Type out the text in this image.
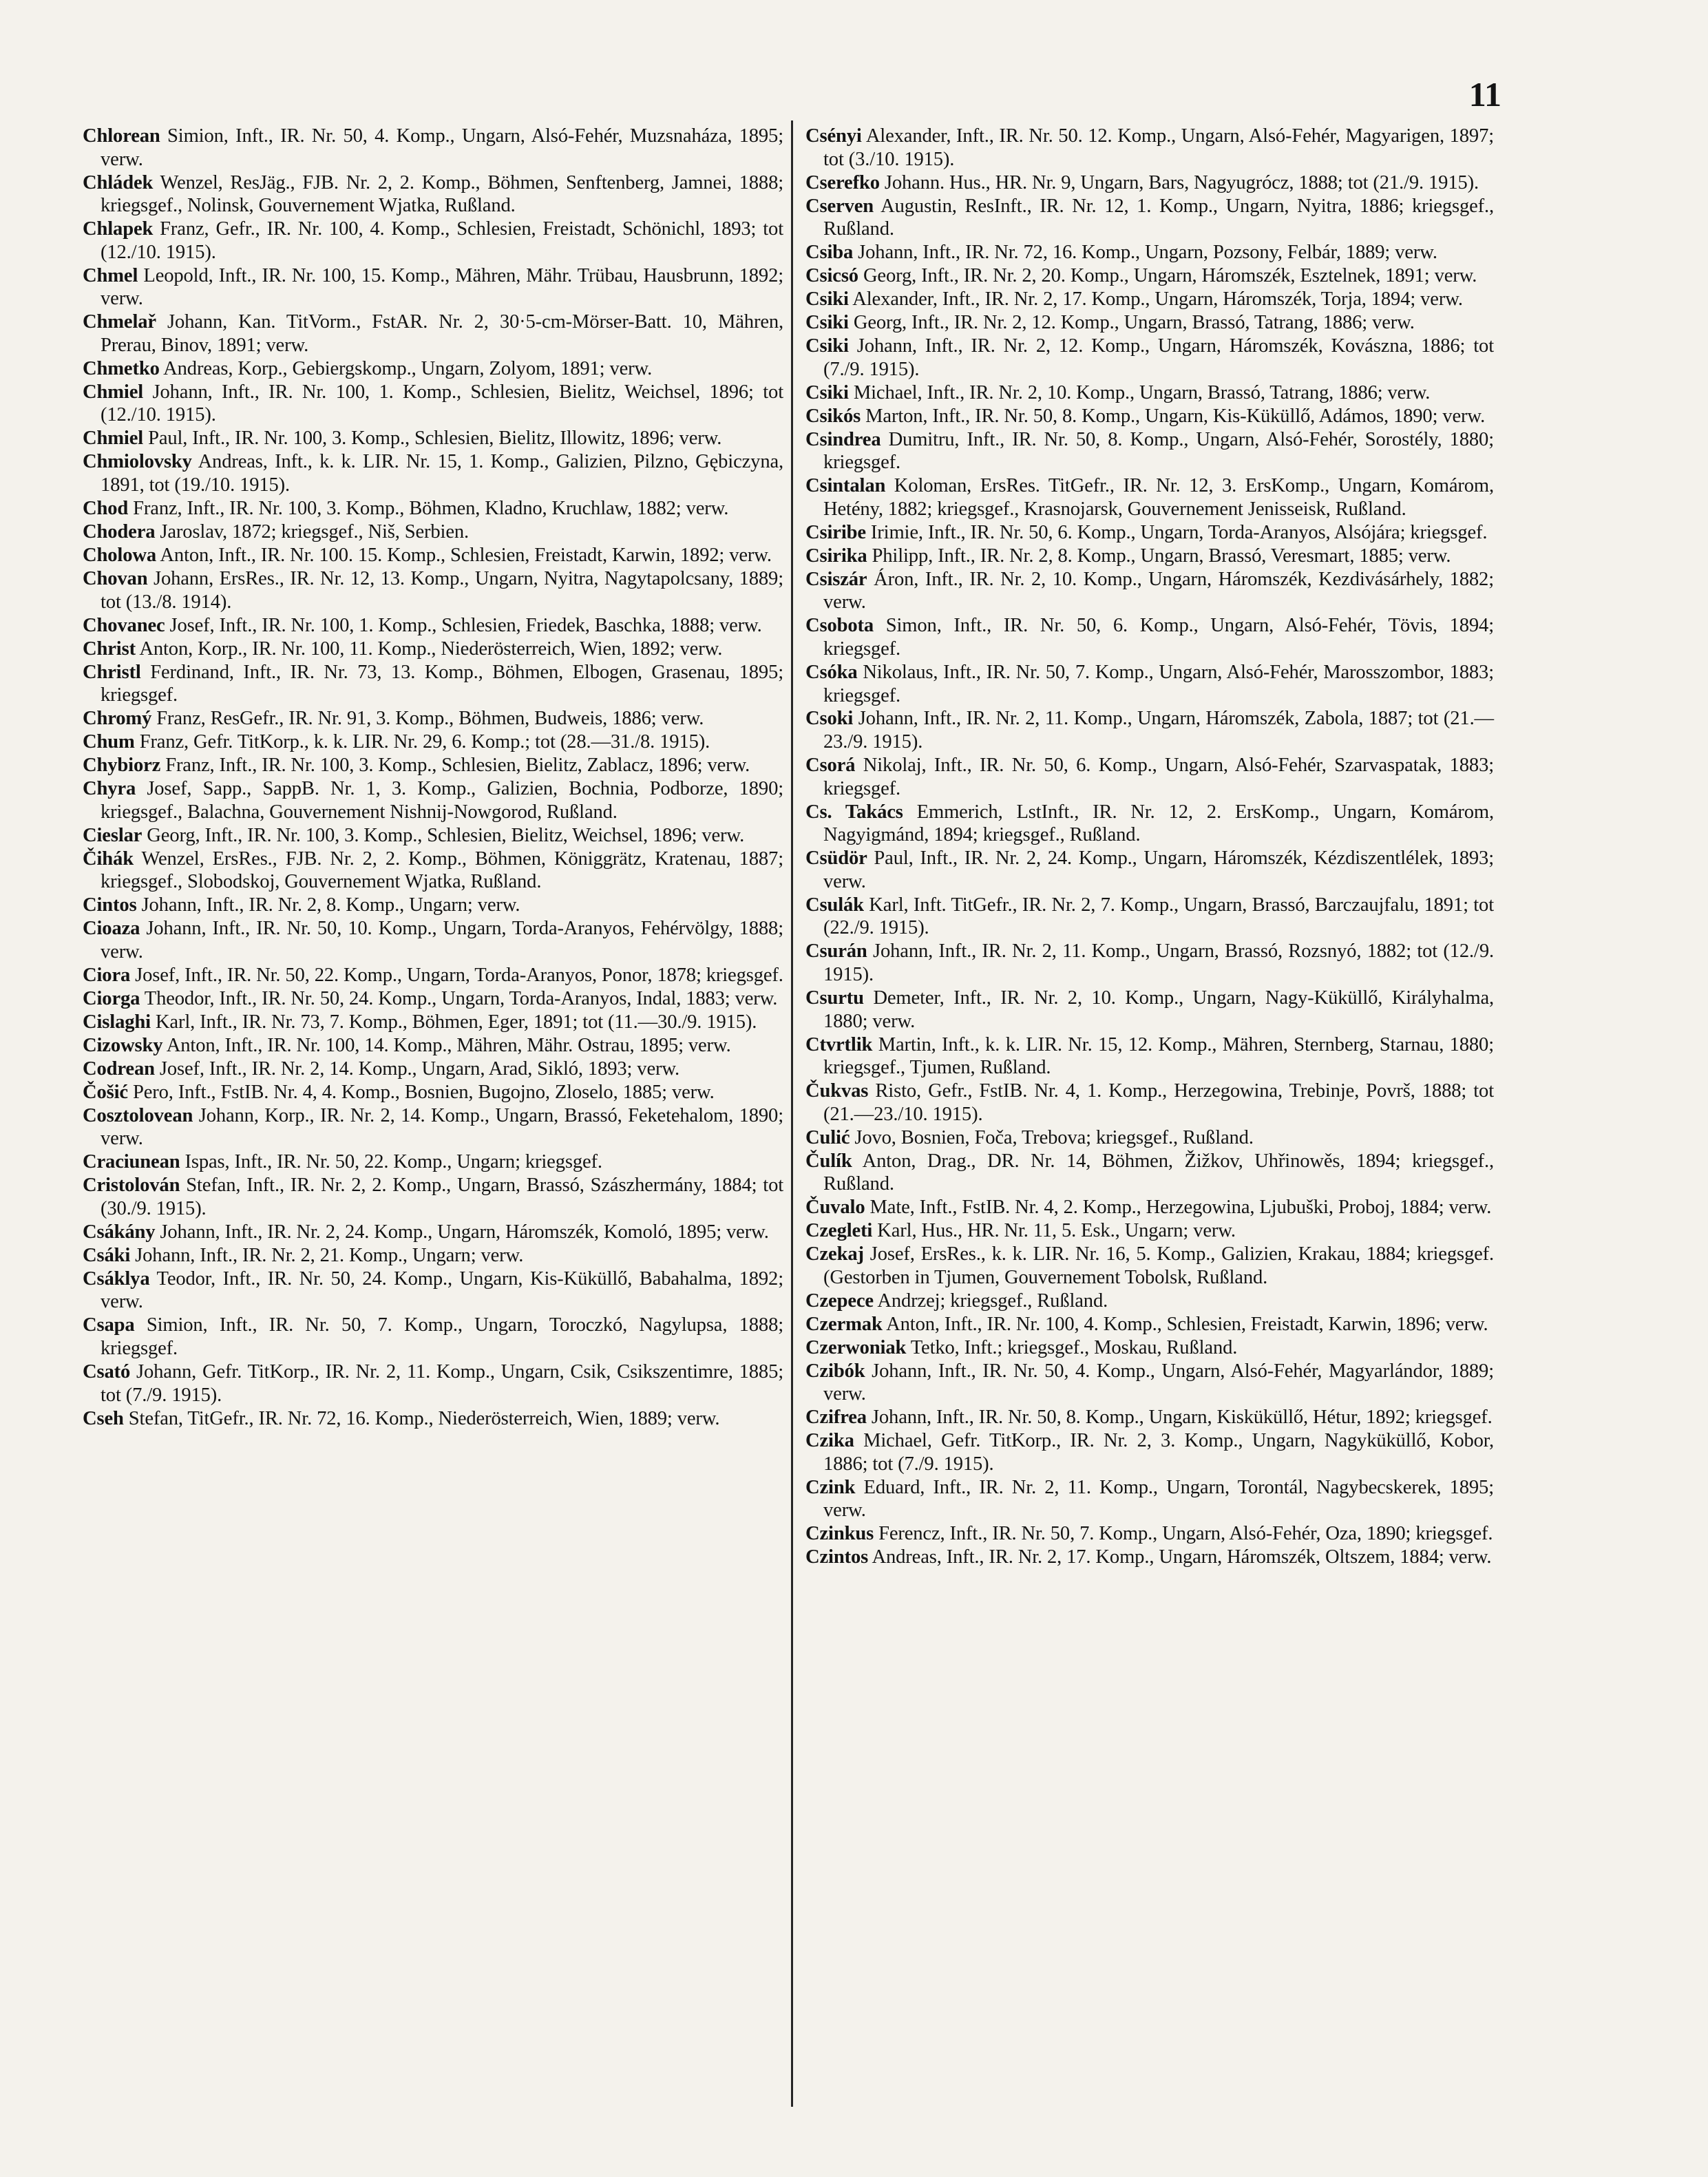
11

Chlorean Simion, Inft., IR. Nr. 50, 4. Komp., Ungarn, Alsó-Fehér, Muzsnaháza, 1895; verw.

Chládek Wenzel, ResJäg., FJB. Nr. 2, 2. Komp., Böhmen, Senftenberg, Jamnei, 1888; kriegsgef., Nolinsk, Gouvernement Wjatka, Rußland.

Chlapek Franz, Gefr., IR. Nr. 100, 4. Komp., Schlesien, Freistadt, Schönichl, 1893; tot (12./10. 1915).

Chmel Leopold, Inft., IR. Nr. 100, 15. Komp., Mähren, Mähr. Trübau, Hausbrunn, 1892; verw.

Chmelař Johann, Kan. TitVorm., FstAR. Nr. 2, 30·5-cm-Mörser-Batt. 10, Mähren, Prerau, Binov, 1891; verw.

Chmetko Andreas, Korp., Gebiergskomp., Ungarn, Zolyom, 1891; verw.

Chmiel Johann, Inft., IR. Nr. 100, 1. Komp., Schlesien, Bielitz, Weichsel, 1896; tot (12./10. 1915).

Chmiel Paul, Inft., IR. Nr. 100, 3. Komp., Schlesien, Bielitz, Illowitz, 1896; verw.

Chmiolovsky Andreas, Inft., k. k. LIR. Nr. 15, 1. Komp., Galizien, Pilzno, Gębiczyna, 1891, tot (19./10. 1915).

Chod Franz, Inft., IR. Nr. 100, 3. Komp., Böhmen, Kladno, Kruchlaw, 1882; verw.

Chodera Jaroslav, 1872; kriegsgef., Niš, Serbien.

Cholowa Anton, Inft., IR. Nr. 100. 15. Komp., Schlesien, Freistadt, Karwin, 1892; verw.

Chovan Johann, ErsRes., IR. Nr. 12, 13. Komp., Ungarn, Nyitra, Nagytapolcsany, 1889; tot (13./8. 1914).

Chovanec Josef, Inft., IR. Nr. 100, 1. Komp., Schlesien, Friedek, Baschka, 1888; verw.

Christ Anton, Korp., IR. Nr. 100, 11. Komp., Niederösterreich, Wien, 1892; verw.

Christl Ferdinand, Inft., IR. Nr. 73, 13. Komp., Böhmen, Elbogen, Grasenau, 1895; kriegsgef.

Chromý Franz, ResGefr., IR. Nr. 91, 3. Komp., Böhmen, Budweis, 1886; verw.

Chum Franz, Gefr. TitKorp., k. k. LIR. Nr. 29, 6. Komp.; tot (28.—31./8. 1915).

Chybiorz Franz, Inft., IR. Nr. 100, 3. Komp., Schlesien, Bielitz, Zablacz, 1896; verw.

Chyra Josef, Sapp., SappB. Nr. 1, 3. Komp., Galizien, Bochnia, Podborze, 1890; kriegsgef., Balachna, Gouvernement Nishnij-Nowgorod, Rußland.

Cieslar Georg, Inft., IR. Nr. 100, 3. Komp., Schlesien, Bielitz, Weichsel, 1896; verw.

Čihák Wenzel, ErsRes., FJB. Nr. 2, 2. Komp., Böhmen, Königgrätz, Kratenau, 1887; kriegsgef., Slobodskoj, Gouvernement Wjatka, Rußland.

Cintos Johann, Inft., IR. Nr. 2, 8. Komp., Ungarn; verw.

Cioaza Johann, Inft., IR. Nr. 50, 10. Komp., Ungarn, Torda-Aranyos, Fehérvölgy, 1888; verw.

Ciora Josef, Inft., IR. Nr. 50, 22. Komp., Ungarn, Torda-Aranyos, Ponor, 1878; kriegsgef.

Ciorga Theodor, Inft., IR. Nr. 50, 24. Komp., Ungarn, Torda-Aranyos, Indal, 1883; verw.

Cislaghi Karl, Inft., IR. Nr. 73, 7. Komp., Böhmen, Eger, 1891; tot (11.—30./9. 1915).

Cizowsky Anton, Inft., IR. Nr. 100, 14. Komp., Mähren, Mähr. Ostrau, 1895; verw.

Codrean Josef, Inft., IR. Nr. 2, 14. Komp., Ungarn, Arad, Sikló, 1893; verw.

Čošić Pero, Inft., FstIB. Nr. 4, 4. Komp., Bosnien, Bugojno, Zloselo, 1885; verw.

Cosztolovean Johann, Korp., IR. Nr. 2, 14. Komp., Ungarn, Brassó, Feketehalom, 1890; verw.

Craciunean Ispas, Inft., IR. Nr. 50, 22. Komp., Ungarn; kriegsgef.

Cristolován Stefan, Inft., IR. Nr. 2, 2. Komp., Ungarn, Brassó, Szászhermány, 1884; tot (30./9. 1915).

Csákány Johann, Inft., IR. Nr. 2, 24. Komp., Ungarn, Háromszék, Komoló, 1895; verw.

Csáki Johann, Inft., IR. Nr. 2, 21. Komp., Ungarn; verw.

Csáklya Teodor, Inft., IR. Nr. 50, 24. Komp., Ungarn, Kis-Küküllő, Babahalma, 1892; verw.

Csapa Simion, Inft., IR. Nr. 50, 7. Komp., Ungarn, Toroczkó, Nagylupsa, 1888; kriegsgef.

Csató Johann, Gefr. TitKorp., IR. Nr. 2, 11. Komp., Ungarn, Csik, Csikszentimre, 1885; tot (7./9. 1915).

Cseh Stefan, TitGefr., IR. Nr. 72, 16. Komp., Niederösterreich, Wien, 1889; verw.

Csényi Alexander, Inft., IR. Nr. 50. 12. Komp., Ungarn, Alsó-Fehér, Magyarigen, 1897; tot (3./10. 1915).

Cserefko Johann. Hus., HR. Nr. 9, Ungarn, Bars, Nagyugrócz, 1888; tot (21./9. 1915).

Cserven Augustin, ResInft., IR. Nr. 12, 1. Komp., Ungarn, Nyitra, 1886; kriegsgef., Rußland.

Csiba Johann, Inft., IR. Nr. 72, 16. Komp., Ungarn, Pozsony, Felbár, 1889; verw.

Csicsó Georg, Inft., IR. Nr. 2, 20. Komp., Ungarn, Háromszék, Esztelnek, 1891; verw.

Csiki Alexander, Inft., IR. Nr. 2, 17. Komp., Ungarn, Háromszék, Torja, 1894; verw.

Csiki Georg, Inft., IR. Nr. 2, 12. Komp., Ungarn, Brassó, Tatrang, 1886; verw.

Csiki Johann, Inft., IR. Nr. 2, 12. Komp., Ungarn, Háromszék, Kovászna, 1886; tot (7./9. 1915).

Csiki Michael, Inft., IR. Nr. 2, 10. Komp., Ungarn, Brassó, Tatrang, 1886; verw.

Csikós Marton, Inft., IR. Nr. 50, 8. Komp., Ungarn, Kis-Küküllő, Adámos, 1890; verw.

Csindrea Dumitru, Inft., IR. Nr. 50, 8. Komp., Ungarn, Alsó-Fehér, Sorostély, 1880; kriegsgef.

Csintalan Koloman, ErsRes. TitGefr., IR. Nr. 12, 3. ErsKomp., Ungarn, Komárom, Hetény, 1882; kriegsgef., Krasnojarsk, Gouvernement Jenisseisk, Rußland.

Csiribe Irimie, Inft., IR. Nr. 50, 6. Komp., Ungarn, Torda-Aranyos, Alsójára; kriegsgef.

Csirika Philipp, Inft., IR. Nr. 2, 8. Komp., Ungarn, Brassó, Veresmart, 1885; verw.

Csiszár Áron, Inft., IR. Nr. 2, 10. Komp., Ungarn, Háromszék, Kezdivásárhely, 1882; verw.

Csobota Simon, Inft., IR. Nr. 50, 6. Komp., Ungarn, Alsó-Fehér, Tövis, 1894; kriegsgef.

Csóka Nikolaus, Inft., IR. Nr. 50, 7. Komp., Ungarn, Alsó-Fehér, Marosszombor, 1883; kriegsgef.

Csoki Johann, Inft., IR. Nr. 2, 11. Komp., Ungarn, Háromszék, Zabola, 1887; tot (21.—23./9. 1915).

Csorá Nikolaj, Inft., IR. Nr. 50, 6. Komp., Ungarn, Alsó-Fehér, Szarvaspatak, 1883; kriegsgef.

Cs. Takács Emmerich, LstInft., IR. Nr. 12, 2. ErsKomp., Ungarn, Komárom, Nagyigmánd, 1894; kriegsgef., Rußland.

Csüdör Paul, Inft., IR. Nr. 2, 24. Komp., Ungarn, Háromszék, Kézdiszentlélek, 1893; verw.

Csulák Karl, Inft. TitGefr., IR. Nr. 2, 7. Komp., Ungarn, Brassó, Barczaujfalu, 1891; tot (22./9. 1915).

Csurán Johann, Inft., IR. Nr. 2, 11. Komp., Ungarn, Brassó, Rozsnyó, 1882; tot (12./9. 1915).

Csurtu Demeter, Inft., IR. Nr. 2, 10. Komp., Ungarn, Nagy-Küküllő, Királyhalma, 1880; verw.

Ctvrtlik Martin, Inft., k. k. LIR. Nr. 15, 12. Komp., Mähren, Sternberg, Starnau, 1880; kriegsgef., Tjumen, Rußland.

Čukvas Risto, Gefr., FstIB. Nr. 4, 1. Komp., Herzegowina, Trebinje, Površ, 1888; tot (21.—23./10. 1915).

Culić Jovo, Bosnien, Foča, Trebova; kriegsgef., Rußland.

Čulík Anton, Drag., DR. Nr. 14, Böhmen, Žižkov, Uhřinowěs, 1894; kriegsgef., Rußland.

Čuvalo Mate, Inft., FstIB. Nr. 4, 2. Komp., Herzegowina, Ljubuški, Proboj, 1884; verw.

Czegleti Karl, Hus., HR. Nr. 11, 5. Esk., Ungarn; verw.

Czekaj Josef, ErsRes., k. k. LIR. Nr. 16, 5. Komp., Galizien, Krakau, 1884; kriegsgef. (Gestorben in Tjumen, Gouvernement Tobolsk, Rußland.

Czepece Andrzej; kriegsgef., Rußland.

Czermak Anton, Inft., IR. Nr. 100, 4. Komp., Schlesien, Freistadt, Karwin, 1896; verw.

Czerwoniak Tetko, Inft.; kriegsgef., Moskau, Rußland.

Czibók Johann, Inft., IR. Nr. 50, 4. Komp., Ungarn, Alsó-Fehér, Magyarlándor, 1889; verw.

Czifrea Johann, Inft., IR. Nr. 50, 8. Komp., Ungarn, Kisküküllő, Hétur, 1892; kriegsgef.

Czika Michael, Gefr. TitKorp., IR. Nr. 2, 3. Komp., Ungarn, Nagyküküllő, Kobor, 1886; tot (7./9. 1915).

Czink Eduard, Inft., IR. Nr. 2, 11. Komp., Ungarn, Torontál, Nagybecskerek, 1895; verw.

Czinkus Ferencz, Inft., IR. Nr. 50, 7. Komp., Ungarn, Alsó-Fehér, Oza, 1890; kriegsgef.

Czintos Andreas, Inft., IR. Nr. 2, 17. Komp., Ungarn, Háromszék, Oltszem, 1884; verw.
